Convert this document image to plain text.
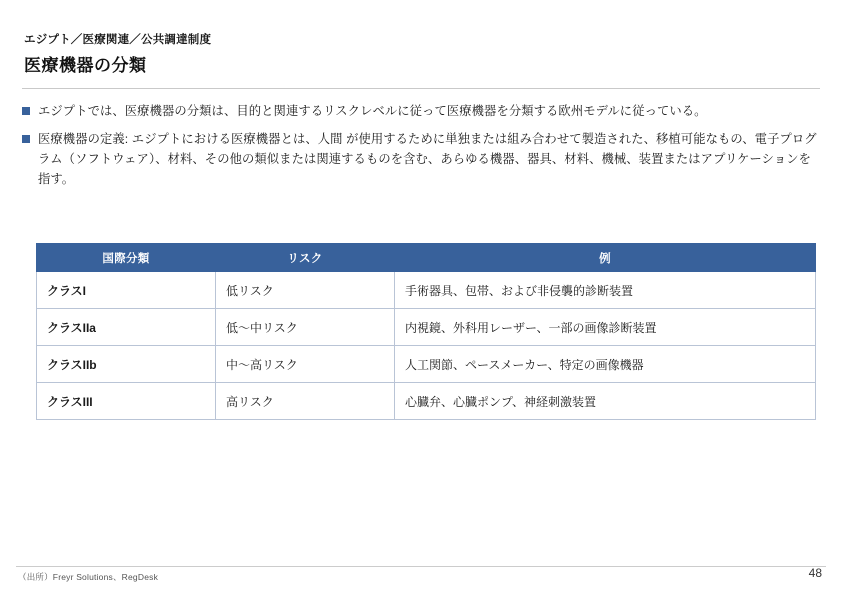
エジプト／医療関連／公共調達制度
医療機器の分類
エジプトでは、医療機器の分類は、目的と関連するリスクレベルに従って医療機器を分類する欧州モデルに従っている。
医療機器の定義: エジプトにおける医療機器とは、人間 が使用するために単独または組み合わせて製造された、移植可能なもの、電子プログラム（ソフトウェア）、材料、その他の類似または関連するものを含む、あらゆる機器、器具、材料、機械、装置またはアプリケーションを指す。
国際分類	リスク	例
クラスI	低リスク	手術器具、包帯、および非侵襲的診断装置
クラスIIa	低～中リスク	内視鏡、外科用レーザー、一部の画像診断装置
クラスIIb	中～高リスク	人工関節、ペースメーカー、特定の画像機器
クラスIII	高リスク	心臓弁、心臓ポンプ、神経刺激装置
（出所）Freyr Solutions、RegDesk	48
